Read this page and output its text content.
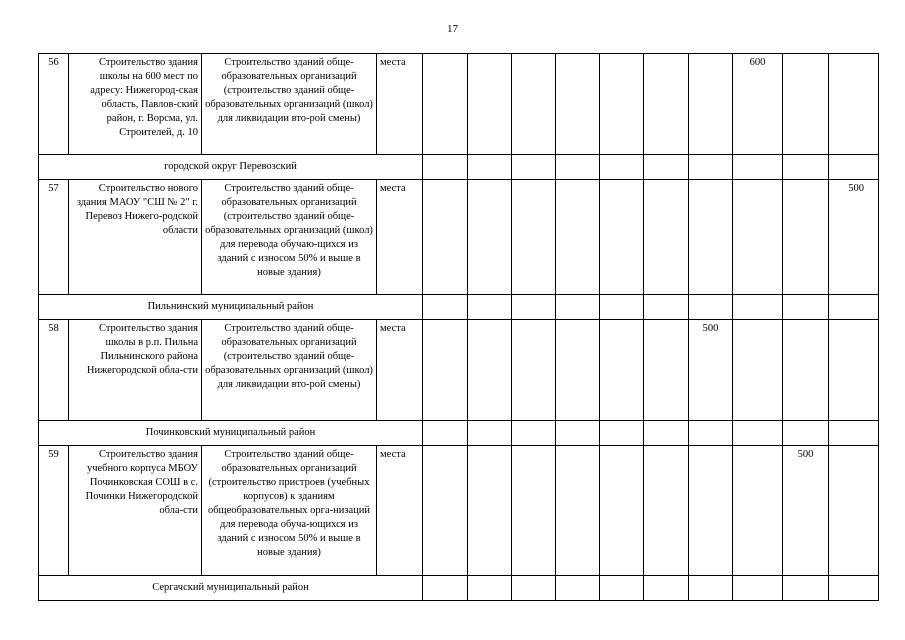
17
56	Строительство здания школы на 600 мест по адресу: Нижегород-ская область, Павлов-ский район, г. Ворсма, ул. Строителей, д. 10	Строительство зданий обще-образовательных организаций (строительство зданий обще-образовательных организаций (школ) для ликвидации вто-рой смены)	места								600		
городской округ Перевозский													
57	Строительство нового здания МАОУ "СШ № 2" г. Перевоз Нижего-родской области	Строительство зданий обще-образовательных организаций (строительство зданий обще-образовательных организаций (школ) для перевода обучаю-щихся из зданий с износом 50% и выше в новые здания)	места										500
Пильнинский муниципальный район													
58	Строительство здания школы в р.п. Пильна Пильнинского района Нижегородской обла-сти	Строительство зданий обще-образовательных организаций (строительство зданий обще-образовательных организаций (школ) для ликвидации вто-рой смены)	места							500			
Починковский муниципальный район													
59	Строительство здания учебного корпуса МБОУ Починковская СОШ в с. Починки Нижегородской обла-сти	Строительство зданий обще-образовательных организаций (строительство пристроев (учебных корпусов) к зданиям общеобразовательных орга-низаций для перевода обуча-ющихся из зданий с износом 50% и выше в новые здания)	места									500	
Сергачский муниципальный район													
